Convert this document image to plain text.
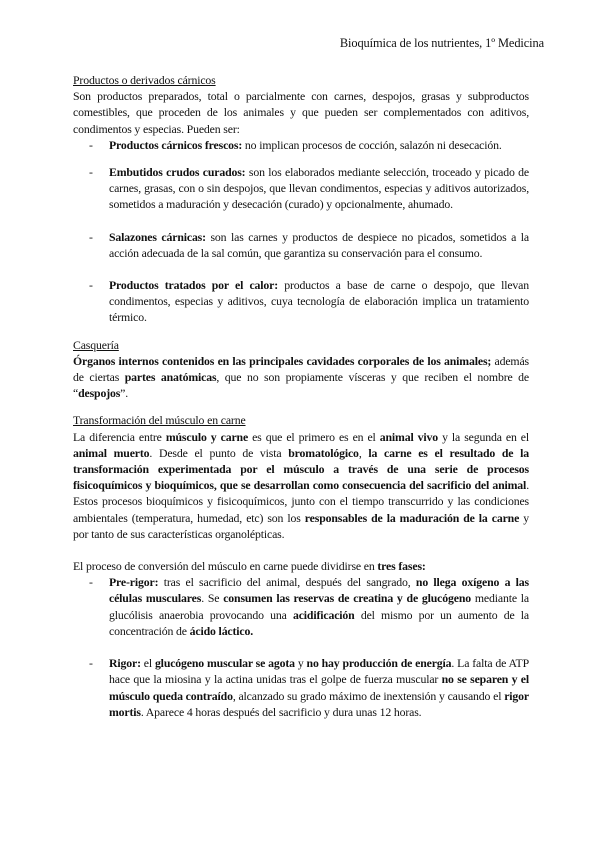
Bioquímica de los nutrientes, 1º Medicina
Productos o derivados cárnicos

Son productos preparados, total o parcialmente con carnes, despojos, grasas y subproductos comestibles, que proceden de los animales y que pueden ser complementados con aditivos, condimentos y especias. Pueden ser:

- Productos cárnicos frescos: no implican procesos de cocción, salazón ni desecación.
- Embutidos crudos curados: son los elaborados mediante selección, troceado y picado de carnes, grasas, con o sin despojos, que llevan condimentos, especias y aditivos autorizados, sometidos a maduración y desecación (curado) y opcionalmente, ahumado.
- Salazones cárnicas: son las carnes y productos de despiece no picados, sometidos a la acción adecuada de la sal común, que garantiza su conservación para el consumo.
- Productos tratados por el calor: productos a base de carne o despojo, que llevan condimentos, especias y aditivos, cuya tecnología de elaboración implica un tratamiento térmico.
Casquería

Órganos internos contenidos en las principales cavidades corporales de los animales; además de ciertas partes anatómicas, que no son propiamente vísceras y que reciben el nombre de “despojos”.

Transformación del músculo en carne

La diferencia entre músculo y carne es que el primero es en el animal vivo y la segunda en el animal muerto. Desde el punto de vista bromatológico, la carne es el resultado de la transformación experimentada por el músculo a través de una serie de procesos fisicoquímicos y bioquímicos, que se desarrollan como consecuencia del sacrificio del animal. Estos procesos bioquímicos y fisicoquímicos, junto con el tiempo transcurrido y las condiciones ambientales (temperatura, humedad, etc) son los responsables de la maduración de la carne y por tanto de sus características organolépticas.

El proceso de conversión del músculo en carne puede dividirse en tres fases:

- Pre-rigor: tras el sacrificio del animal, después del sangrado, no llega oxígeno a las células musculares. Se consumen las reservas de creatina y de glucógeno mediante la glucólisis anaerobia provocando una acidificación del mismo por un aumento de la concentración de ácido láctico.
- Rigor: el glucógeno muscular se agota y no hay producción de energía. La falta de ATP hace que la miosina y la actina unidas tras el golpe de fuerza muscular no se separen y el músculo queda contraído, alcanzado su grado máximo de inextensión y causando el rigor mortis. Aparece 4 horas después del sacrificio y dura unas 12 horas.
